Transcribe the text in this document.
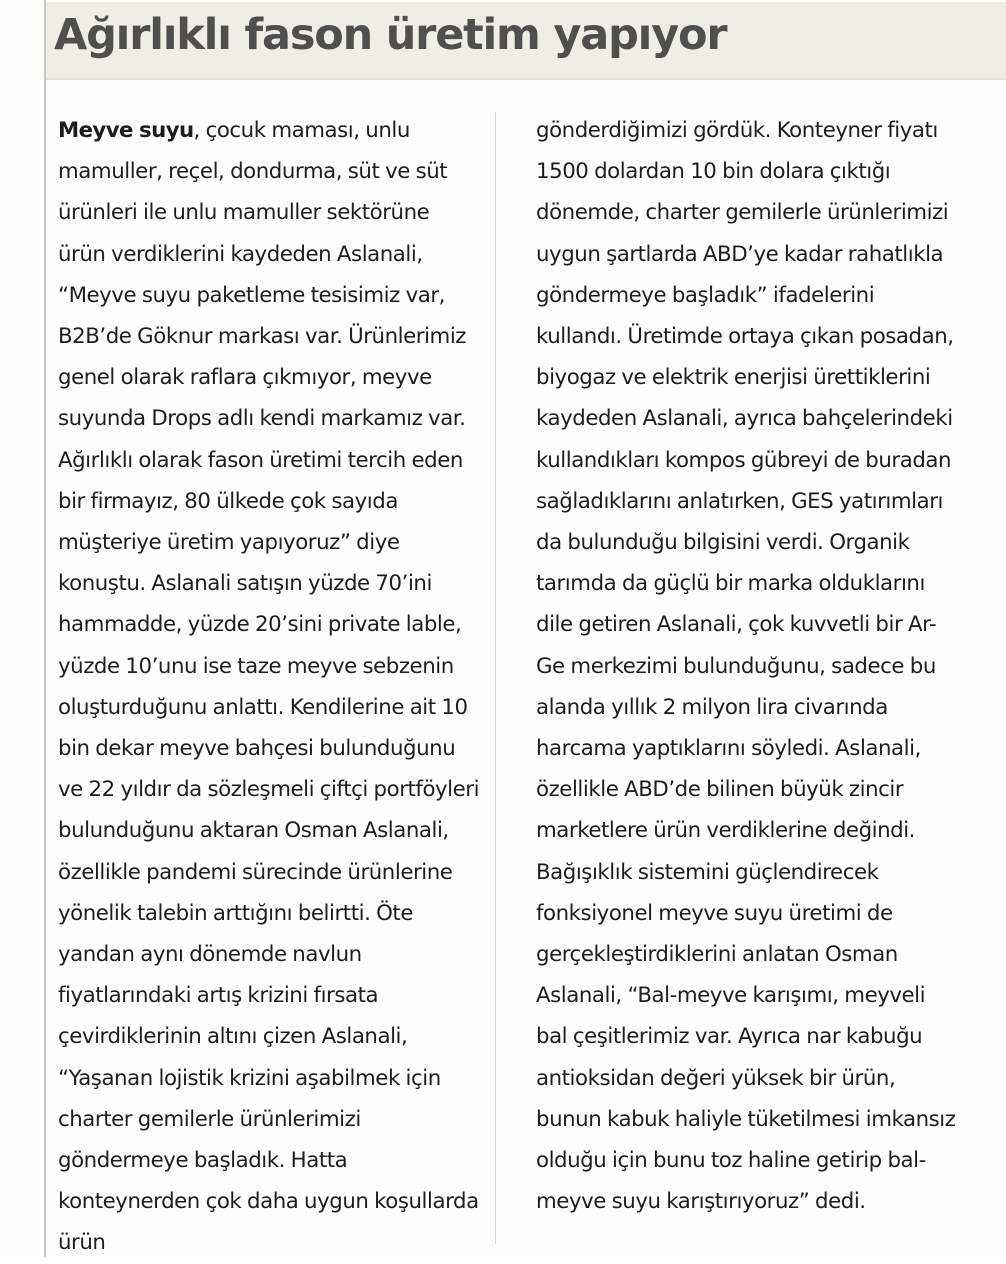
Ağırlıklı fason üretim yapıyor
Meyve suyu, çocuk maması, unlu mamuller, reçel, dondurma, süt ve süt ürünleri ile unlu mamuller sektörüne ürün verdiklerini kaydeden Aslanali, “Meyve suyu paketleme tesisimiz var, B2B’de Göknur markası var. Ürünlerimiz genel olarak raflara çıkmıyor, meyve suyunda Drops adlı kendi markamız var. Ağırlıklı olarak fason üretimi tercih eden bir firmayız, 80 ülkede çok sayıda müşteriye üretim yapıyoruz” diye konuştu. Aslanali satışın yüzde 70’ini hammadde, yüzde 20’sini private lable, yüzde 10’unu ise taze meyve sebzenin oluşturduğunu anlattı. Kendilerine ait 10 bin dekar meyve bahçesi bulunduğunu ve 22 yıldır da sözleşmeli çiftçi portföyleri bulunduğunu aktaran Osman Aslanali, özellikle pandemi sürecinde ürünlerine yönelik talebin arttığını belirtti. Öte yandan aynı dönemde navlun fiyatlarındaki artış krizini fırsata çevirdiklerinin altını çizen Aslanali, “Yaşanan lojistik krizini aşabilmek için charter gemilerle ürünlerimizi göndermeye başladık. Hatta konteynerden çok daha uygun koşullarda ürün
gönderdiğimizi gördük. Konteyner fiyatı 1500 dolardan 10 bin dolara çıktığı dönemde, charter gemilerle ürünlerimizi uygun şartlarda ABD’ye kadar rahatlıkla göndermeye başladık” ifadelerini kullandı. Üretimde ortaya çıkan posadan, biyogaz ve elektrik enerjisi ürettiklerini kaydeden Aslanali, ayrıca bahçelerindeki kullandıkları kompos gübreyi de buradan sağladıklarını anlatırken, GES yatırımları da bulunduğu bilgisini verdi. Organik tarımda da güçlü bir marka olduklarını dile getiren Aslanali, çok kuvvetli bir Ar-Ge merkezimi bulunduğunu, sadece bu alanda yıllık 2 milyon lira civarında harcama yaptıklarını söyledi. Aslanali, özellikle ABD’de bilinen büyük zincir marketlere ürün verdiklerine değindi. Bağışıklık sistemini güçlendirecek fonksiyonel meyve suyu üretimi de gerçekleştirdiklerini anlatan Osman Aslanali, “Bal-meyve karışımı, meyveli bal çeşitlerimiz var. Ayrıca nar kabuğu antioksidan değeri yüksek bir ürün, bunun kabuk haliyle tüketilmesi imkansız olduğu için bunu toz haline getirip bal-meyve suyu karıştırıyoruz” dedi.
